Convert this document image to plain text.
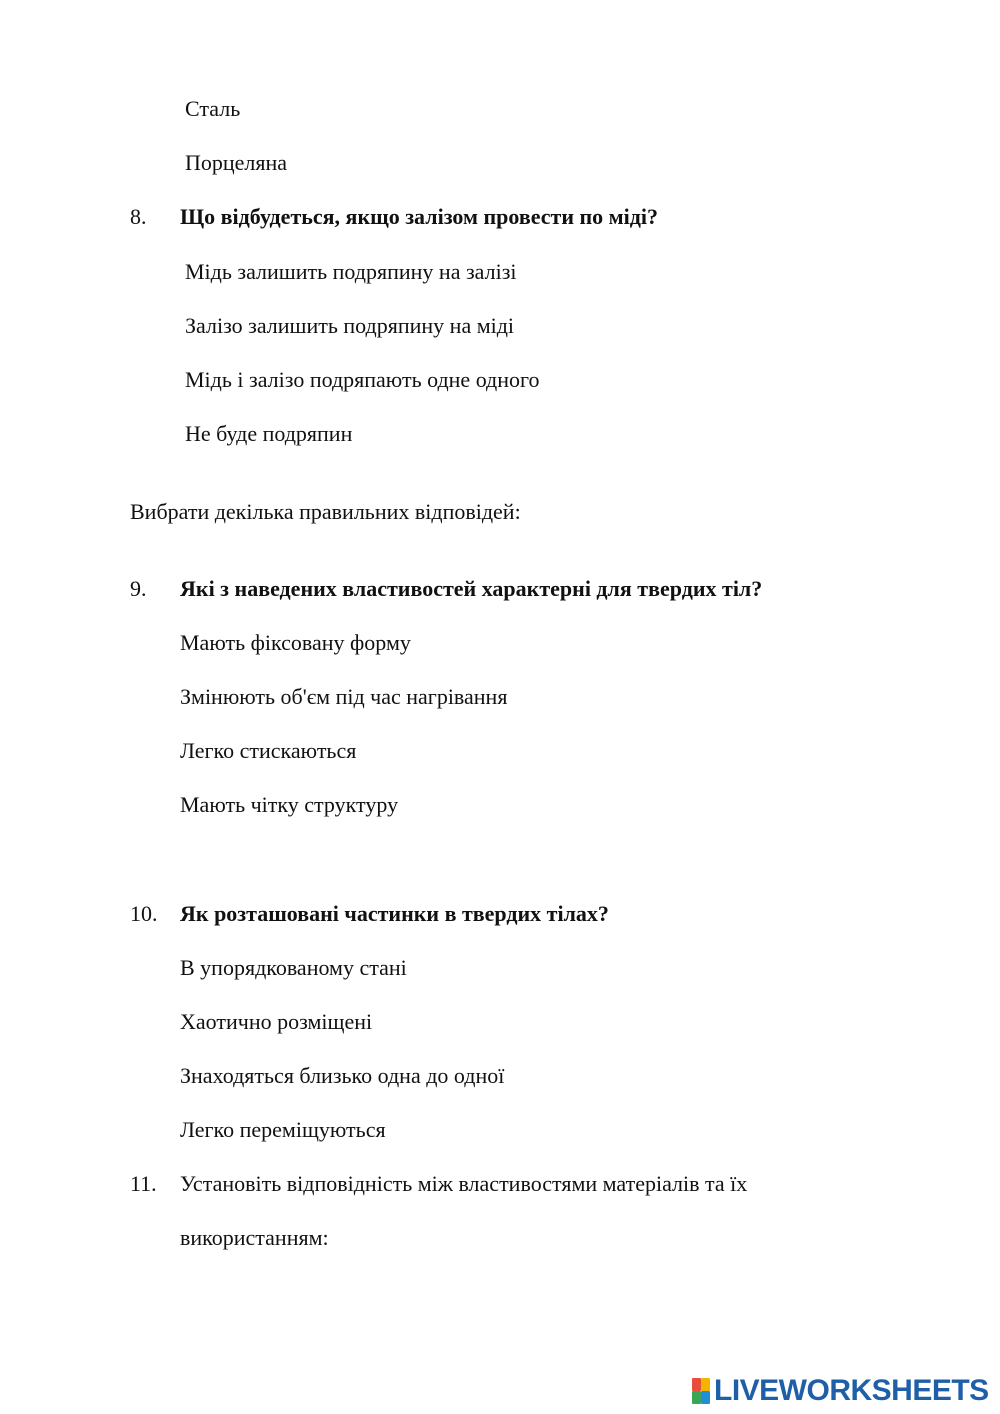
Сталь
Порцеляна
8. Що відбудеться, якщо залізом провести по міді?
Мідь залишить подряпину на залізі
Залізо залишить подряпину на міді
Мідь і залізо подряпають одне одного
Не буде подряпин
Вибрати декілька правильних відповідей:
9. Які з наведених властивостей характерні для твердих тіл?
Мають фіксовану форму
Змінюють об'єм під час нагрівання
Легко стискаються
Мають чітку структуру
10. Як розташовані частинки в твердих тілах?
В упорядкованому стані
Хаотично розміщені
Знаходяться близько одна до одної
Легко переміщуються
11. Установіть відповідність між властивостями матеріалів та їх
використанням:
LIVEWORKSHEETS
